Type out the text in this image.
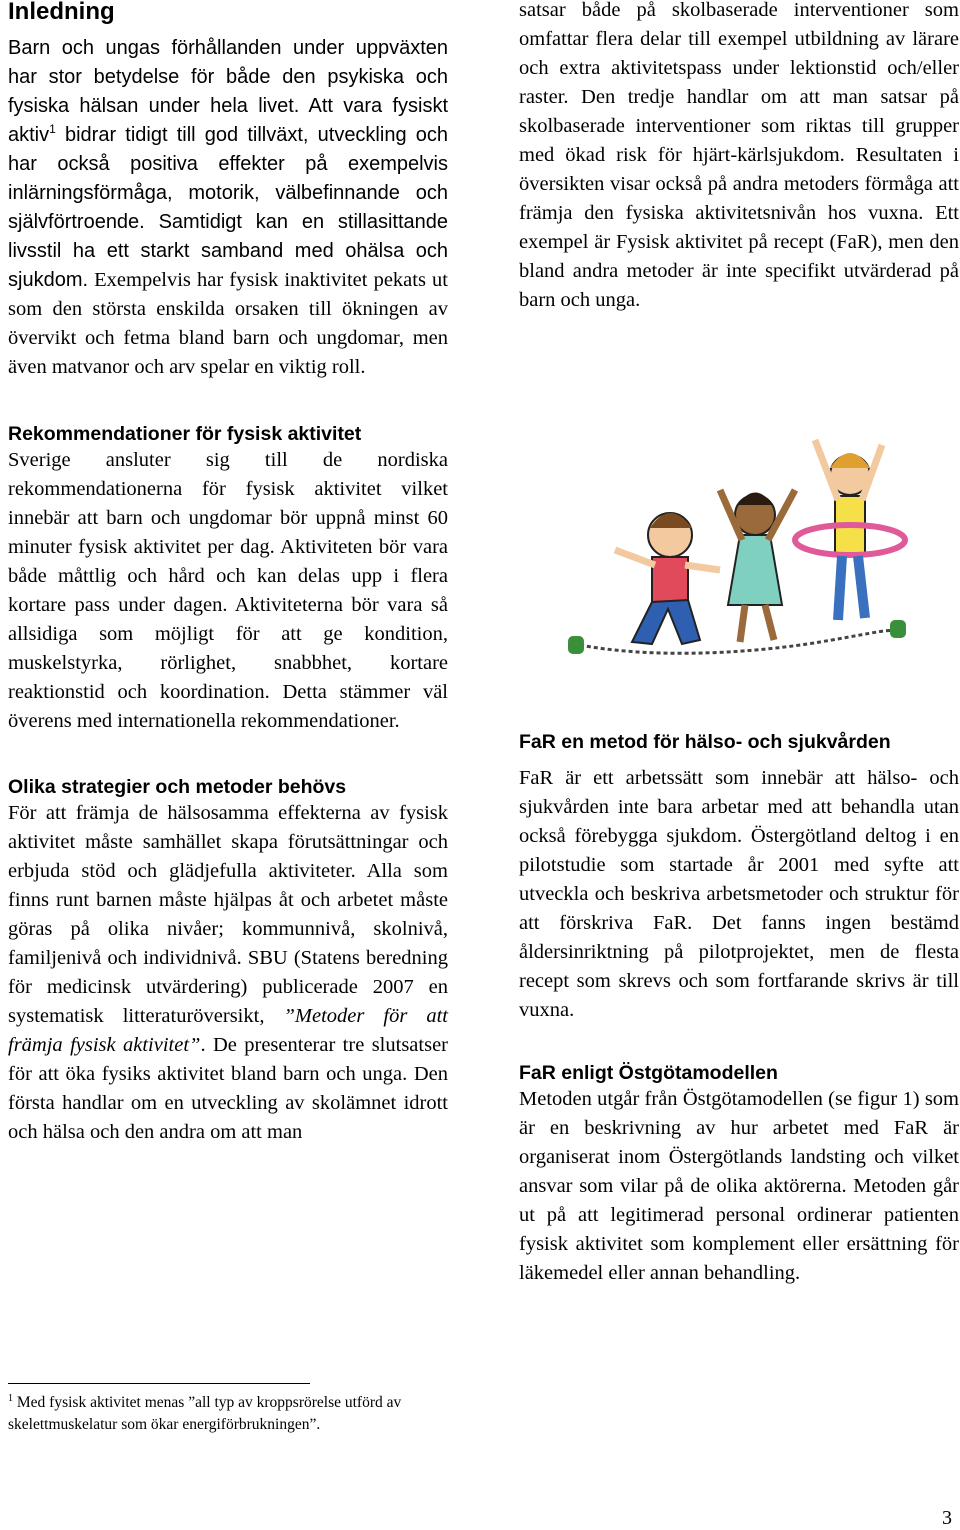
Inledning

Barn och ungas förhållanden under uppväxten har stor betydelse för både den psykiska och fysiska hälsan under hela livet. Att vara fysiskt aktiv$^1$ bidrar tidigt till god tillväxt, utveckling och har också positiva effekter på exempelvis inlärningsförmåga, motorik, välbefinnande och självförtroende. Samtidigt kan en stillasittande livsstil ha ett starkt samband med ohälsa och sjukdom. Exempelvis har fysisk inaktivitet pekats ut som den största enskilda orsaken till ökningen av övervikt och fetma bland barn och ungdomar, men även matvanor och arv spelar en viktig roll.

Rekommendationer för fysisk aktivitet

Sverige ansluter sig till de nordiska rekommendationerna för fysisk aktivitet vilket innebär att barn och ungdomar bör uppnå minst 60 minuter fysisk aktivitet per dag. Aktiviteten bör vara både måttlig och hård och kan delas upp i flera kortare pass under dagen. Aktiviteterna bör vara så allsidiga som möjligt för att ge kondition, muskelstyrka, rörlighet, snabbhet, kortare reaktionstid och koordination. Detta stämmer väl överens med internationella rekommendationer.

Olika strategier och metoder behövs

För att främja de hälsosamma effekterna av fysisk aktivitet måste samhället skapa förutsättningar och erbjuda stöd och glädjefulla aktiviteter. Alla som finns runt barnen måste hjälpas åt och arbetet måste göras på olika nivåer; kommunnivå, skolnivå, familjenivå och individnivå. SBU (Statens beredning för medicinsk utvärdering) publicerade 2007 en systematisk litteraturöversikt, ”Metoder för att främja fysisk aktivitet”. De presenterar tre slutsatser för att öka fysiks aktivitet bland barn och unga. Den första handlar om en utveckling av skolämnet idrott och hälsa och den andra om att man

$^1$ Med fysisk aktivitet menas ”all typ av kroppsrörelse utförd av skelettmuskelatur som ökar energiförbrukningen”.

satsar både på skolbaserade interventioner som omfattar flera delar till exempel utbildning av lärare och extra aktivitetspass under lektionstid och/eller raster. Den tredje handlar om att man satsar på skolbaserade interventioner som riktas till grupper med ökad risk för hjärt-kärlsjukdom. Resultaten i översikten visar också på andra metoders förmåga att främja den fysiska aktivitetsnivån hos vuxna. Ett exempel är Fysisk aktivitet på recept (FaR), men den bland andra metoder är inte specifikt utvärderad på barn och unga.

FaR en metod för hälso- och sjukvården

FaR är ett arbetssätt som innebär att hälso- och sjukvården inte bara arbetar med att behandla utan också förebygga sjukdom. Östergötland deltog i en pilotstudie som startade år 2001 med syfte att utveckla och beskriva arbetsmetoder och struktur för att förskriva FaR. Det fanns ingen bestämd åldersinriktning på pilotprojektet, men de flesta recept som skrevs och som fortfarande skrivs är till vuxna.

FaR enligt Östgötamodellen

Metoden utgår från Östgötamodellen (se figur 1) som är en beskrivning av hur arbetet med FaR är organiserat inom Östergötlands landsting och vilket ansvar som vilar på de olika aktörerna. Metoden går ut på att legitimerad personal ordinerar patienten fysisk aktivitet som komplement eller ersättning för läkemedel eller annan behandling.

3
